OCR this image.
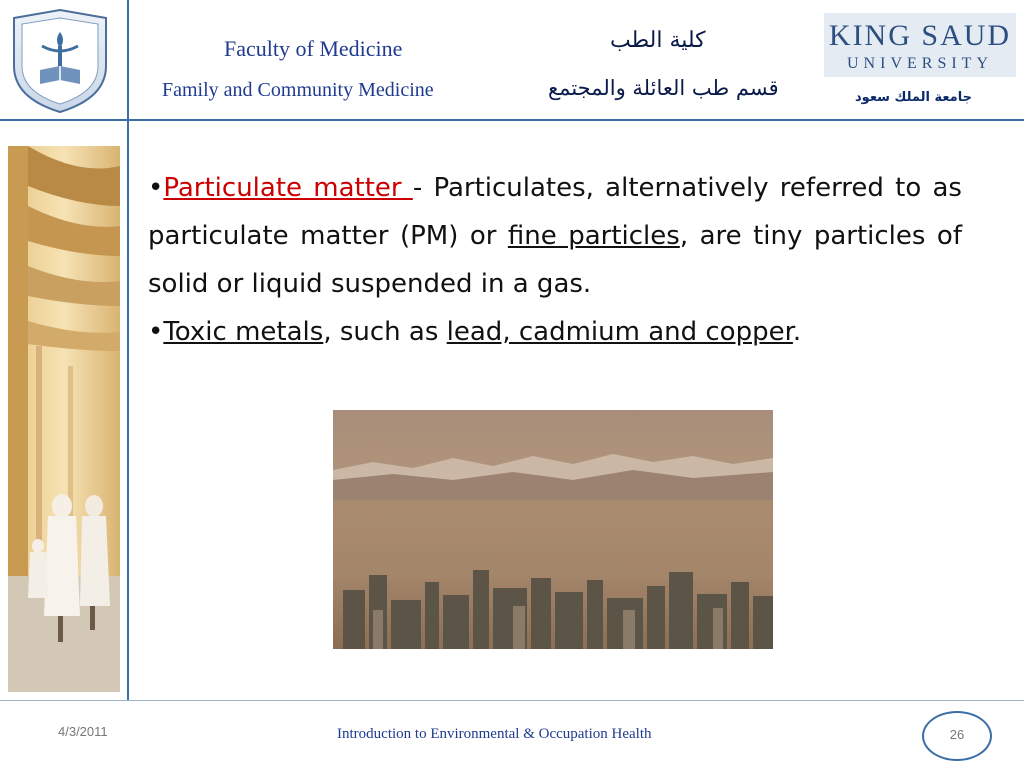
Faculty of Medicine
Family and Community Medicine
كلية الطب
قسم طب العائلة والمجتمع
KING SAUD
UNIVERSITY
جامعة الملك سعود

•Particulate matter - Particulates, alternatively referred to as particulate matter (PM) or fine particles, are tiny particles of solid or liquid suspended in a gas.

•Toxic metals, such as lead, cadmium and copper.

4/3/2011	Introduction to Environmental & Occupation Health	26
